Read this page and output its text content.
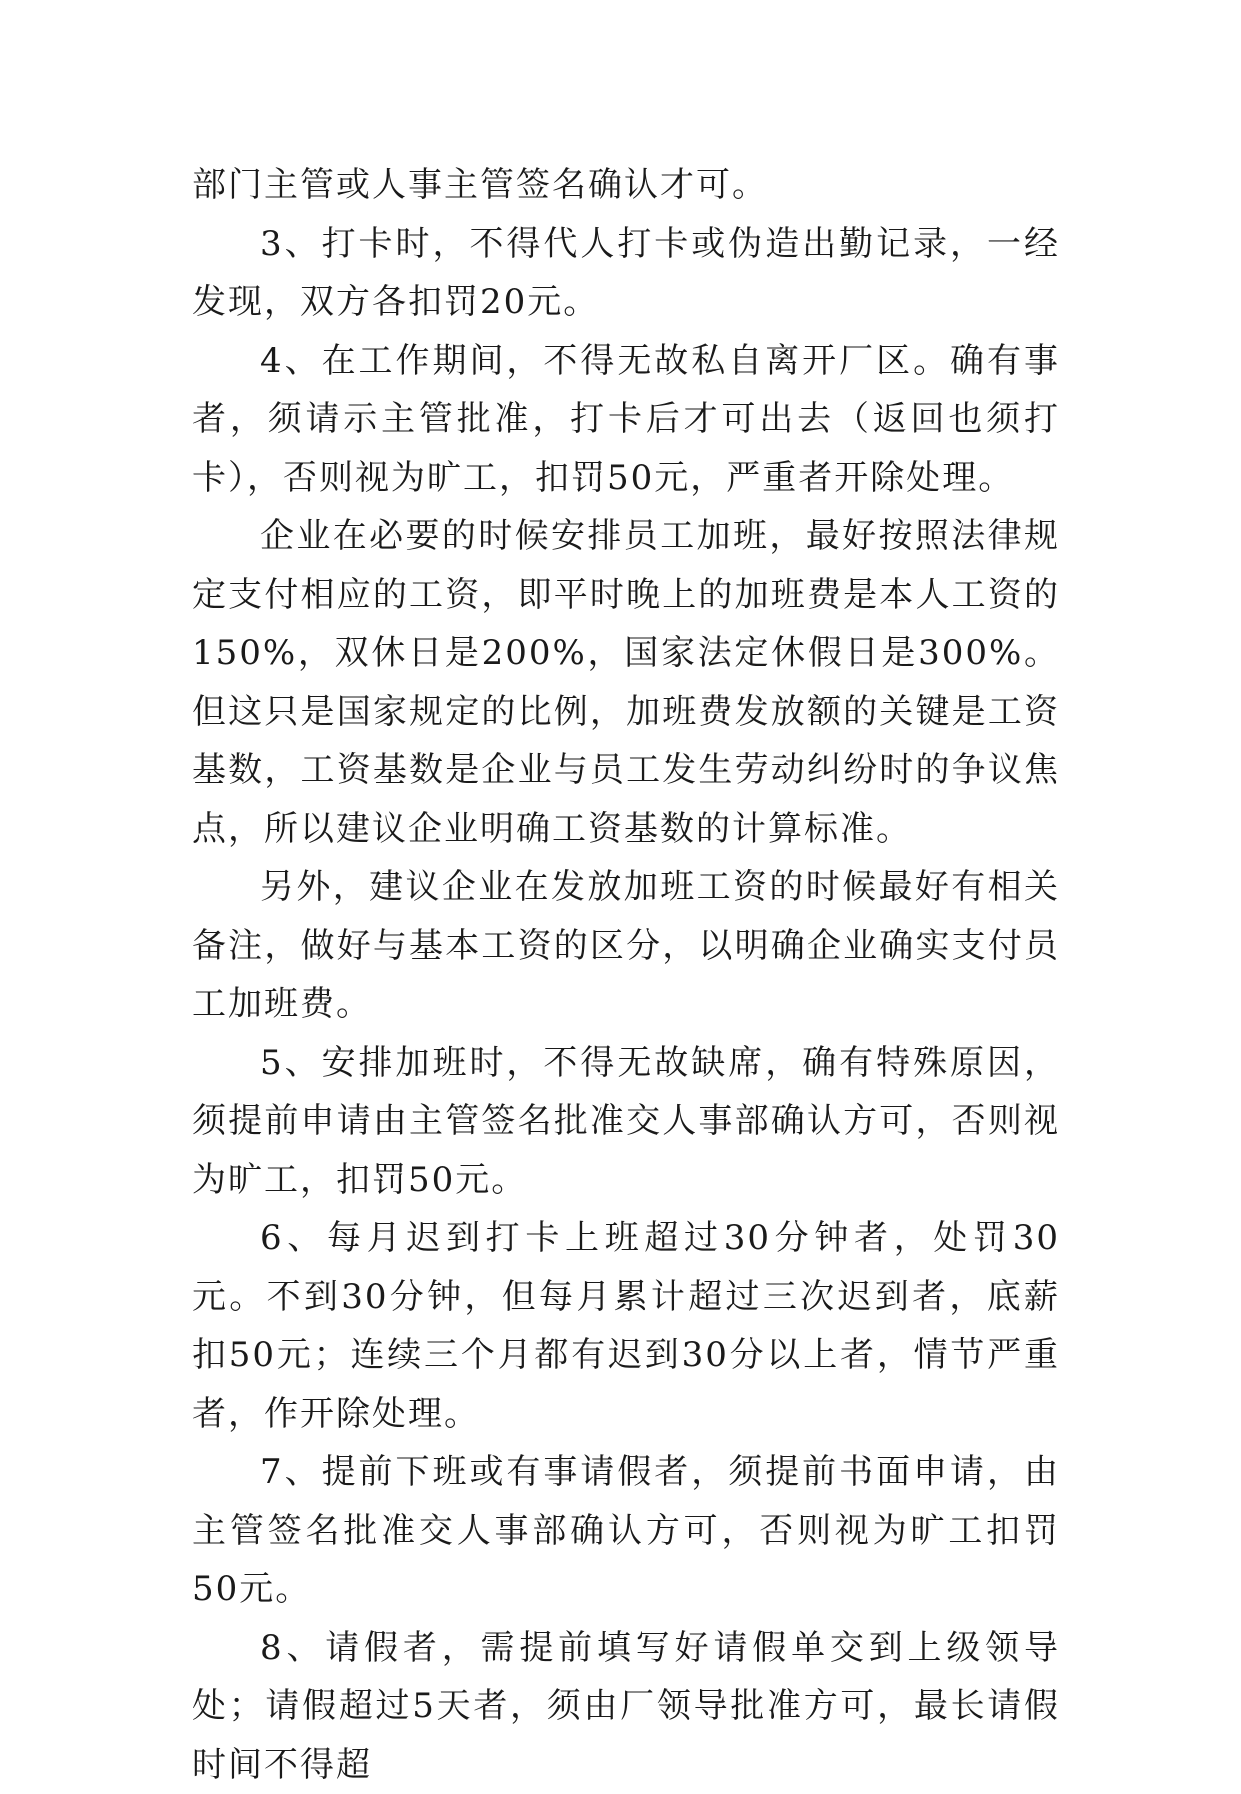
部门主管或人事主管签名确认才可。

3、打卡时，不得代人打卡或伪造出勤记录，一经发现，双方各扣罚20元。

4、在工作期间，不得无故私自离开厂区。确有事者，须请示主管批准，打卡后才可出去（返回也须打卡），否则视为旷工，扣罚50元，严重者开除处理。

企业在必要的时候安排员工加班，最好按照法律规定支付相应的工资，即平时晚上的加班费是本人工资的150%，双休日是200%，国家法定休假日是300%。但这只是国家规定的比例，加班费发放额的关键是工资基数，工资基数是企业与员工发生劳动纠纷时的争议焦点，所以建议企业明确工资基数的计算标准。

另外，建议企业在发放加班工资的时候最好有相关备注，做好与基本工资的区分，以明确企业确实支付员工加班费。

5、安排加班时，不得无故缺席，确有特殊原因，须提前申请由主管签名批准交人事部确认方可，否则视为旷工，扣罚50元。

6、每月迟到打卡上班超过30分钟者，处罚30元。不到30分钟，但每月累计超过三次迟到者，底薪扣50元；连续三个月都有迟到30分以上者，情节严重者，作开除处理。

7、提前下班或有事请假者，须提前书面申请，由主管签名批准交人事部确认方可，否则视为旷工扣罚50元。

8、请假者，需提前填写好请假单交到上级领导处；请假超过5天者，须由厂领导批准方可，最长请假时间不得超
